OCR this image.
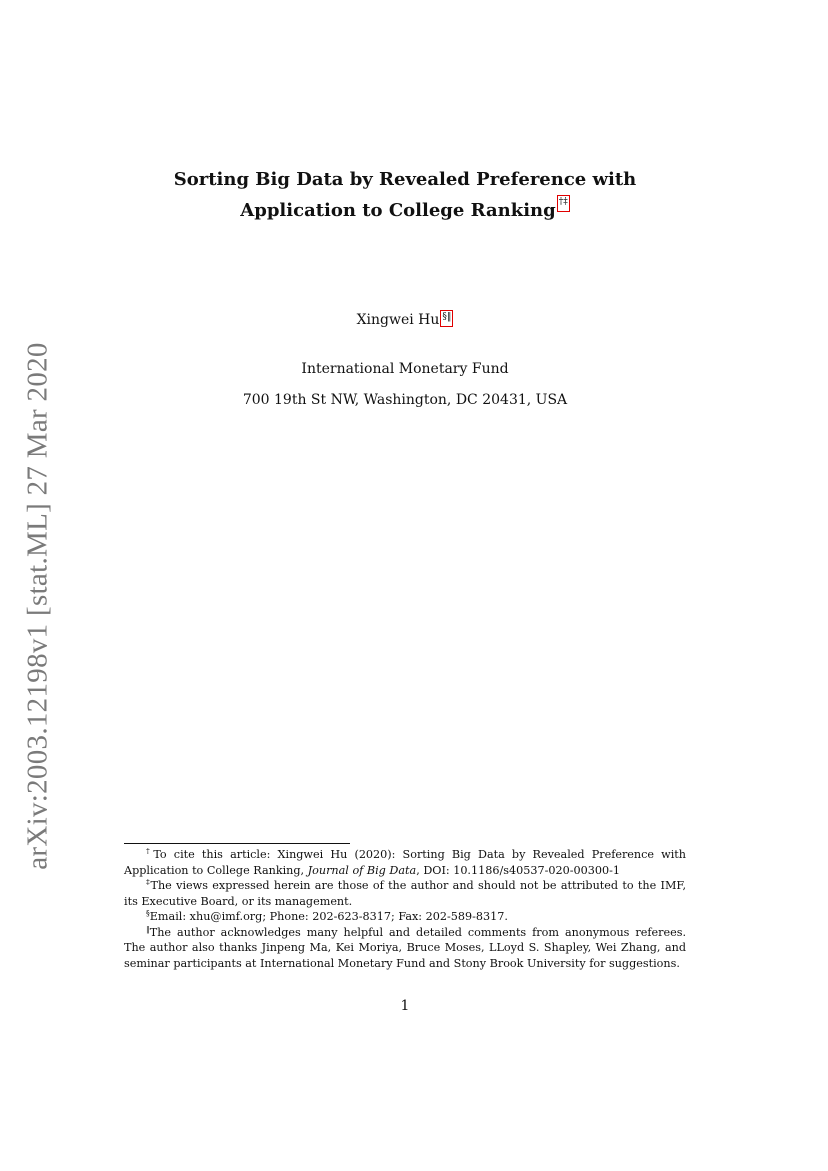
arXiv:2003.12198v1 [stat.ML] 27 Mar 2020
Sorting Big Data by Revealed Preference with
Application to College Ranking †‡
Xingwei Hu §‖
International Monetary Fund
700 19th St NW, Washington, DC 20431, USA

†To cite this article: Xingwei Hu (2020): Sorting Big Data by Revealed Preference with Application to College Ranking, Journal of Big Data, DOI: 10.1186/s40537-020-00300-1

‡The views expressed herein are those of the author and should not be attributed to the IMF, its Executive Board, or its management.

§Email: xhu@imf.org; Phone: 202-623-8317; Fax: 202-589-8317.

‖The author acknowledges many helpful and detailed comments from anonymous referees. The author also thanks Jinpeng Ma, Kei Moriya, Bruce Moses, LLoyd S. Shapley, Wei Zhang, and seminar participants at International Monetary Fund and Stony Brook University for suggestions.

1
